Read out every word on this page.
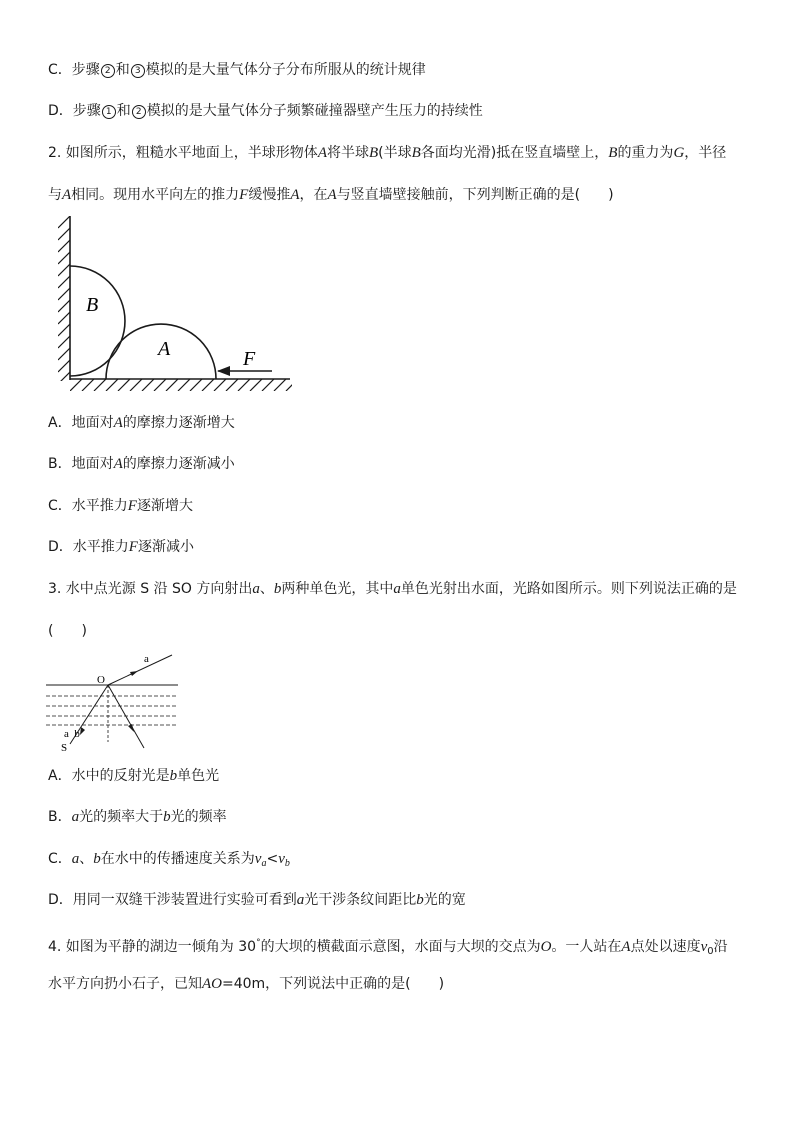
C．步骤 2 和 3 模拟的是大量气体分子分布所服从的统计规律
D．步骤 1 和 2 模拟的是大量气体分子频繁碰撞器壁产生压力的持续性
2. 如图所示，粗糙水平地面上，半球形物体A将半球B(半球B各面均光滑)抵在竖直墙壁上，B的重力为G，半径
与A相同。现用水平向左的推力F缓慢推A，在A与竖直墙壁接触前，下列判断正确的是(　　)
B
A	F
A．地面对A的摩擦力逐渐增大
B．地面对A的摩擦力逐渐减小
C．水平推力F逐渐增大
D．水平推力F逐渐减小
3. 水中点光源 S 沿 SO 方向射出a、b两种单色光，其中a单色光射出水面，光路如图所示。则下列说法正确的是
(　　)
O
a
a  b
S
A．水中的反射光是b单色光
B．a光的频率大于b光的频率
C．a、b在水中的传播速度关系为$v_a<v_b$
D．用同一双缝干涉装置进行实验可看到a光干涉条纹间距比b光的宽
4. 如图为平静的湖边一倾角为 30°的大坝的横截面示意图，水面与大坝的交点为O。一人站在A点处以速度$v_0$沿
水平方向扔小石子，已知AO=40m，下列说法中正确的是(　　)
